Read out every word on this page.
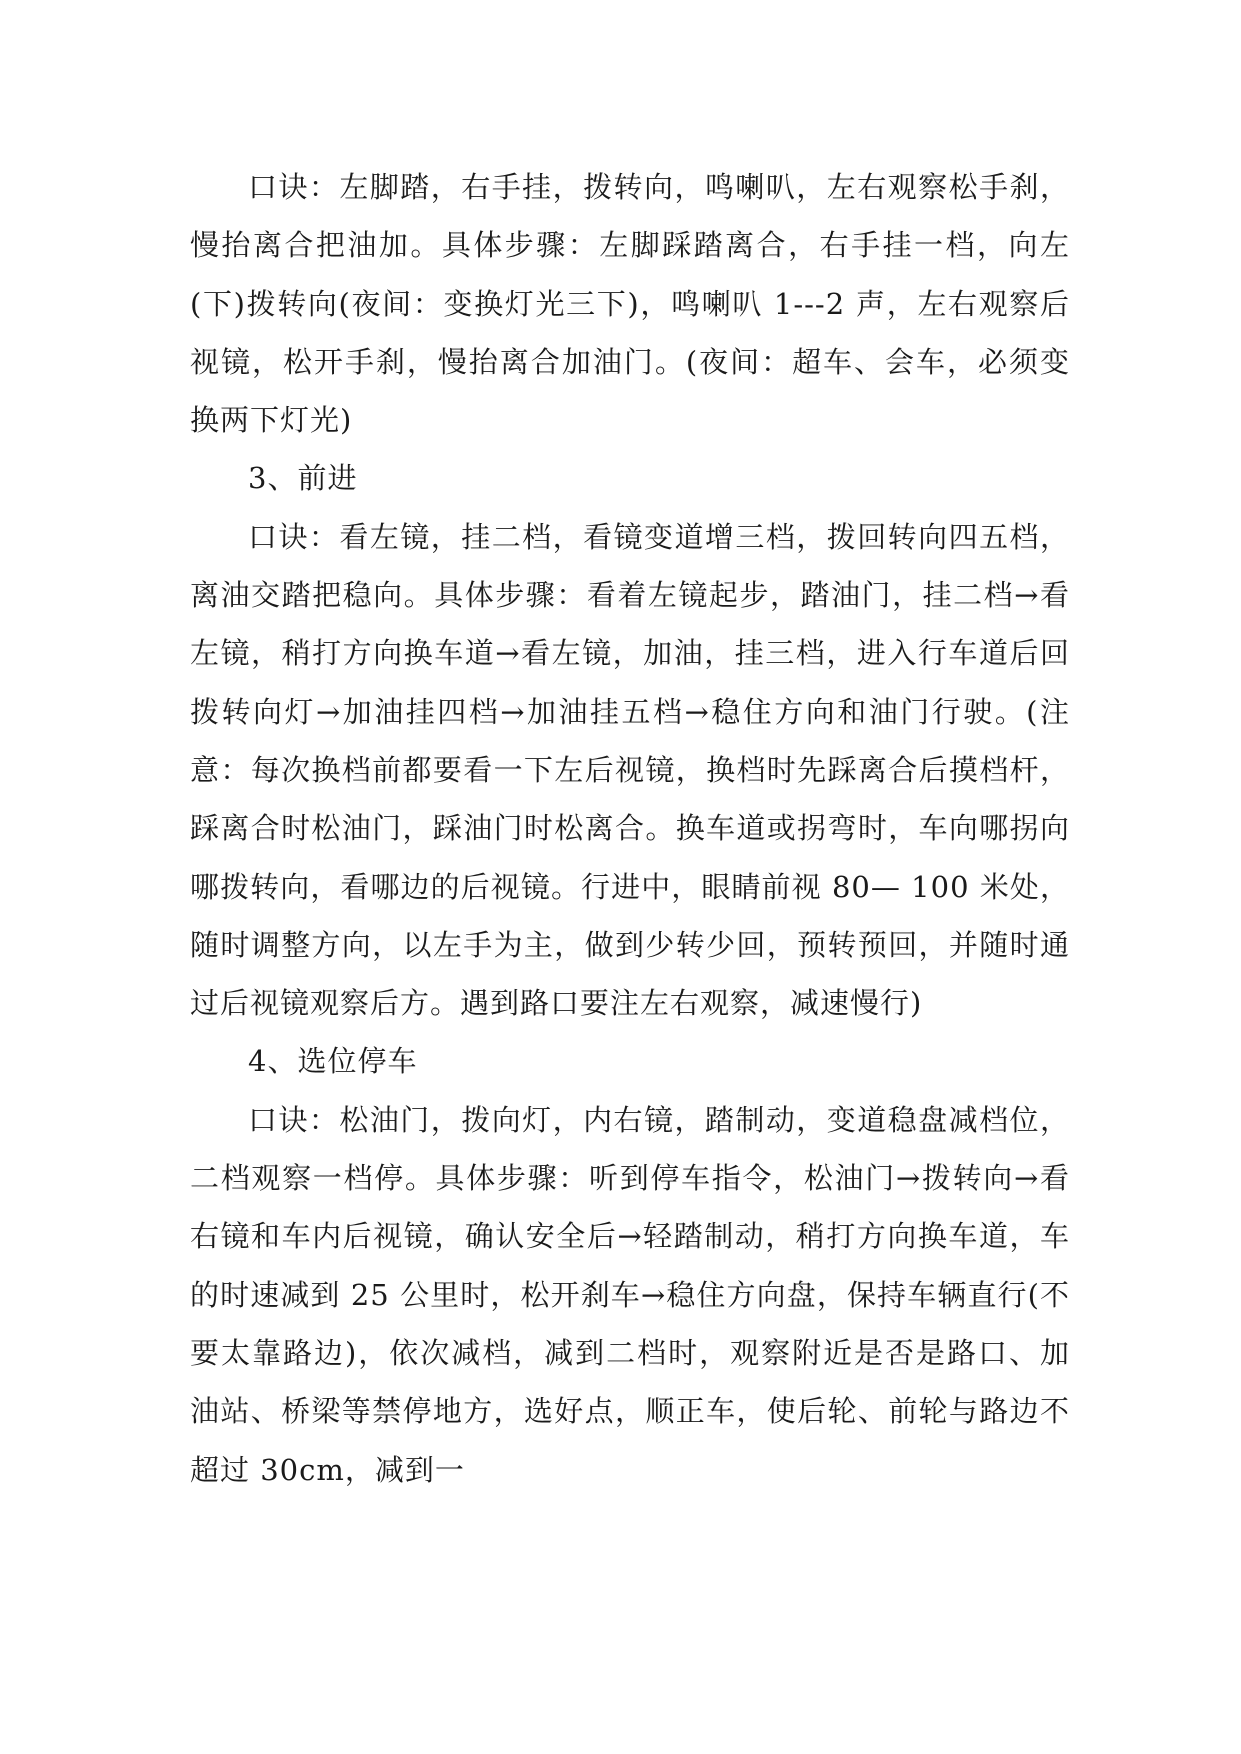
口诀：左脚踏，右手挂，拨转向，鸣喇叭，左右观察松手刹，慢抬离合把油加。具体步骤：左脚踩踏离合，右手挂一档，向左(下)拨转向(夜间：变换灯光三下)，鸣喇叭 1---2 声，左右观察后视镜，松开手刹，慢抬离合加油门。(夜间：超车、会车，必须变换两下灯光)

3、前进

口诀：看左镜，挂二档，看镜变道增三档，拨回转向四五档，离油交踏把稳向。具体步骤：看着左镜起步，踏油门，挂二档→看左镜，稍打方向换车道→看左镜，加油，挂三档，进入行车道后回拨转向灯→加油挂四档→加油挂五档→稳住方向和油门行驶。(注意：每次换档前都要看一下左后视镜，换档时先踩离合后摸档杆，踩离合时松油门，踩油门时松离合。换车道或拐弯时，车向哪拐向哪拨转向，看哪边的后视镜。行进中，眼睛前视 80— 100 米处，随时调整方向，以左手为主，做到少转少回，预转预回，并随时通过后视镜观察后方。遇到路口要注左右观察，减速慢行)

4、选位停车

口诀：松油门，拨向灯，内右镜，踏制动，变道稳盘减档位，二档观察一档停。具体步骤：听到停车指令，松油门→拨转向→看右镜和车内后视镜，确认安全后→轻踏制动，稍打方向换车道，车的时速减到 25 公里时，松开刹车→稳住方向盘，保持车辆直行(不要太靠路边)，依次减档，减到二档时，观察附近是否是路口、加油站、桥梁等禁停地方，选好点，顺正车，使后轮、前轮与路边不超过 30cm，减到一
